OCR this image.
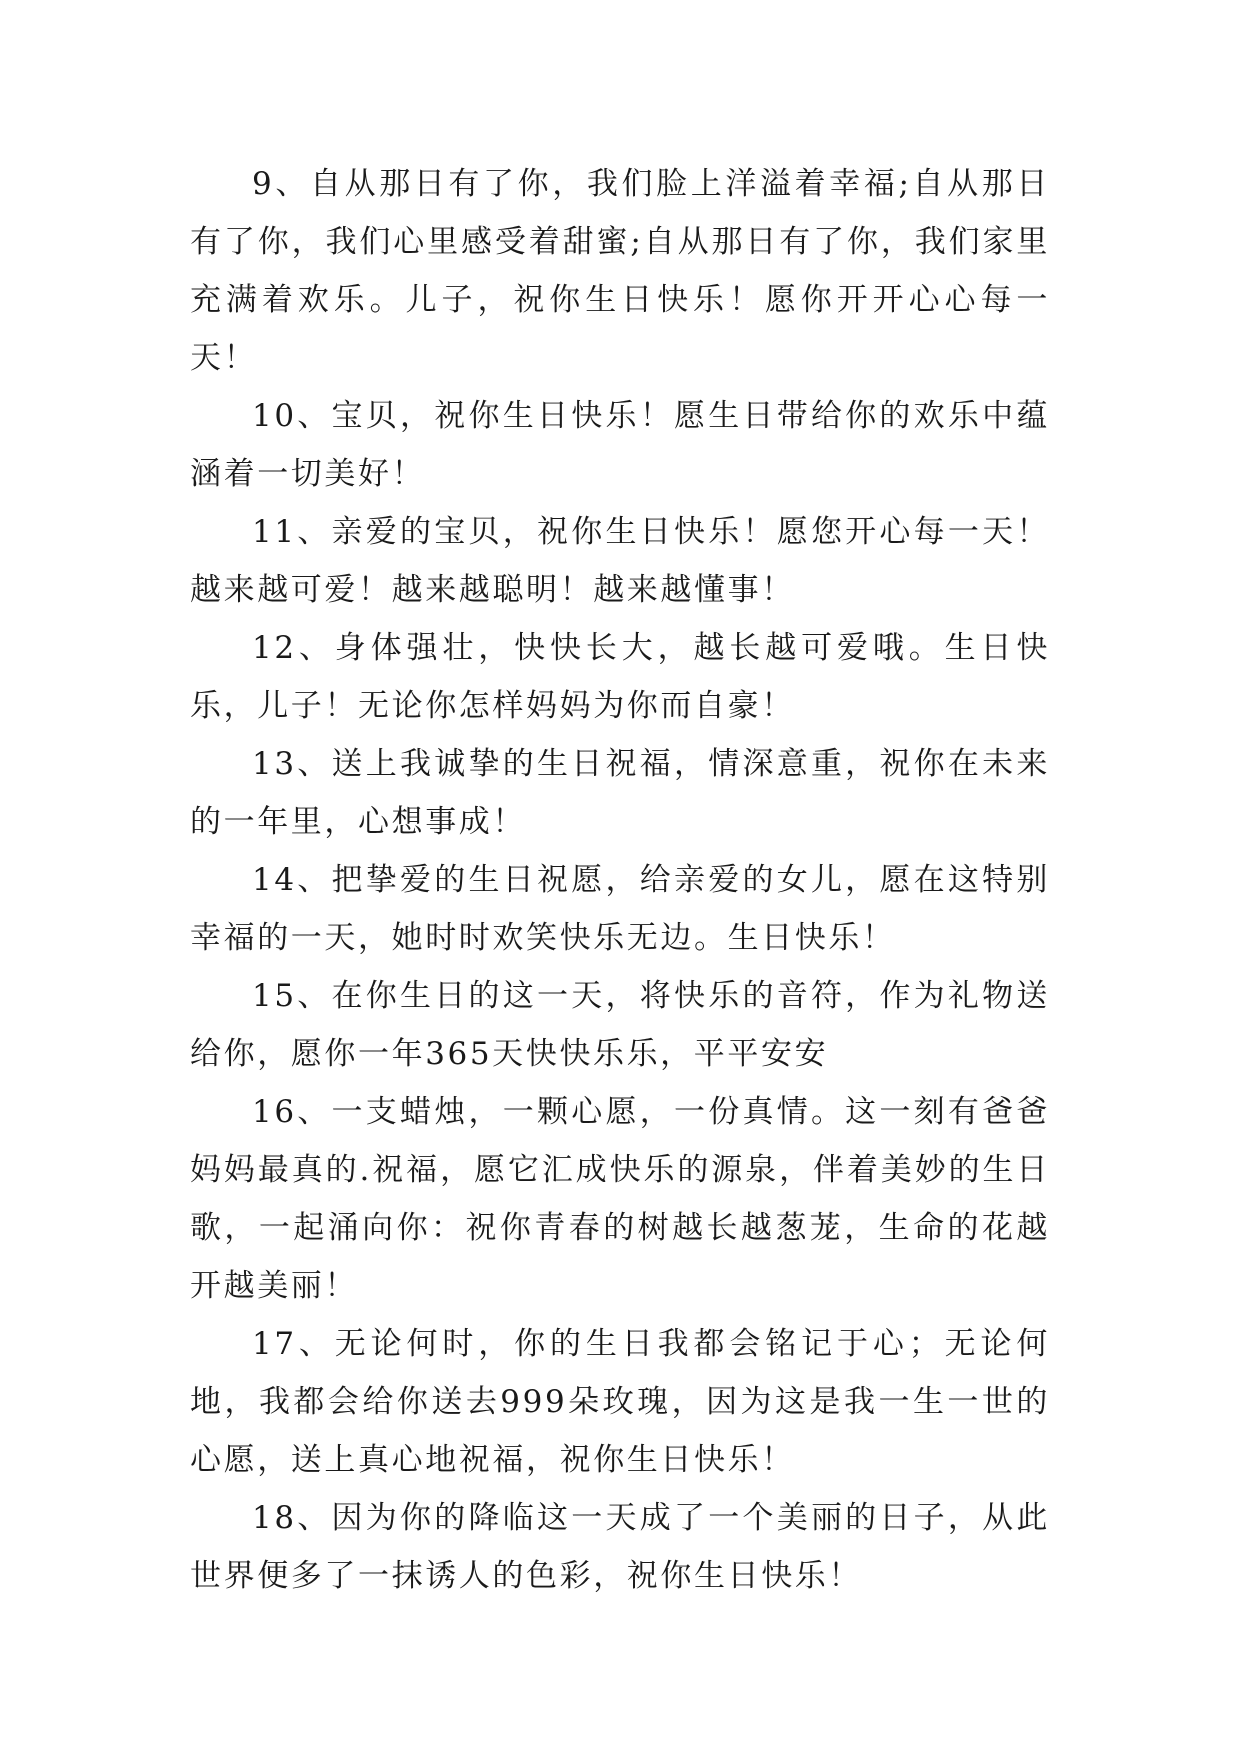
9、自从那日有了你，我们脸上洋溢着幸福;自从那日有了你，我们心里感受着甜蜜;自从那日有了你，我们家里充满着欢乐。儿子，祝你生日快乐！愿你开开心心每一天！

10、宝贝，祝你生日快乐！愿生日带给你的欢乐中蕴涵着一切美好！

11、亲爱的宝贝，祝你生日快乐！愿您开心每一天！越来越可爱！越来越聪明！越来越懂事！

12、身体强壮，快快长大，越长越可爱哦。生日快乐，儿子！无论你怎样妈妈为你而自豪！

13、送上我诚挚的生日祝福，情深意重，祝你在未来的一年里，心想事成！

14、把挚爱的生日祝愿，给亲爱的女儿，愿在这特别幸福的一天，她时时欢笑快乐无边。生日快乐！

15、在你生日的这一天，将快乐的音符，作为礼物送给你，愿你一年365天快快乐乐，平平安安

16、一支蜡烛，一颗心愿，一份真情。这一刻有爸爸妈妈最真的.祝福，愿它汇成快乐的源泉，伴着美妙的生日歌，一起涌向你：祝你青春的树越长越葱茏，生命的花越开越美丽！

17、无论何时，你的生日我都会铭记于心；无论何地，我都会给你送去999朵玫瑰，因为这是我一生一世的心愿，送上真心地祝福，祝你生日快乐！

18、因为你的降临这一天成了一个美丽的日子，从此世界便多了一抹诱人的色彩，祝你生日快乐！
